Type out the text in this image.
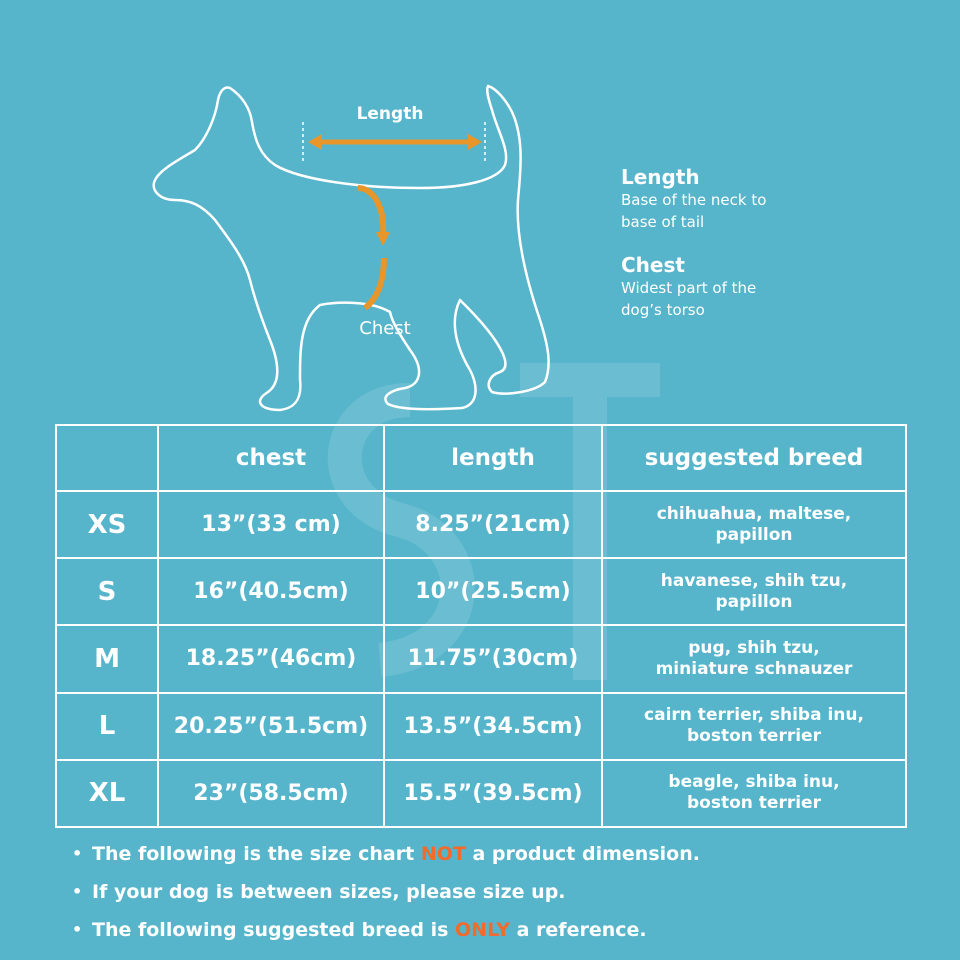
Length
Chest
Length
Base of the neck to base of tail
Chest
Widest part of the dog’s torso
	chest	length	suggested breed
XS	13”(33 cm)	8.25”(21cm)	chihuahua, maltese,
papillon

S	16”(40.5cm)	10”(25.5cm)	havanese, shih tzu,
papillon

M	18.25”(46cm)	11.75”(30cm)	pug, shih tzu,
miniature schnauzer

L	20.25”(51.5cm)	13.5”(34.5cm)	cairn terrier, shiba inu,
boston terrier

XL	23”(58.5cm)	15.5”(39.5cm)	beagle, shiba inu,
boston terrier
• The following is the size chart
NOT
a product dimension.
• If your dog is between sizes, please size up.
• The following suggested breed is
ONLY
a reference.
